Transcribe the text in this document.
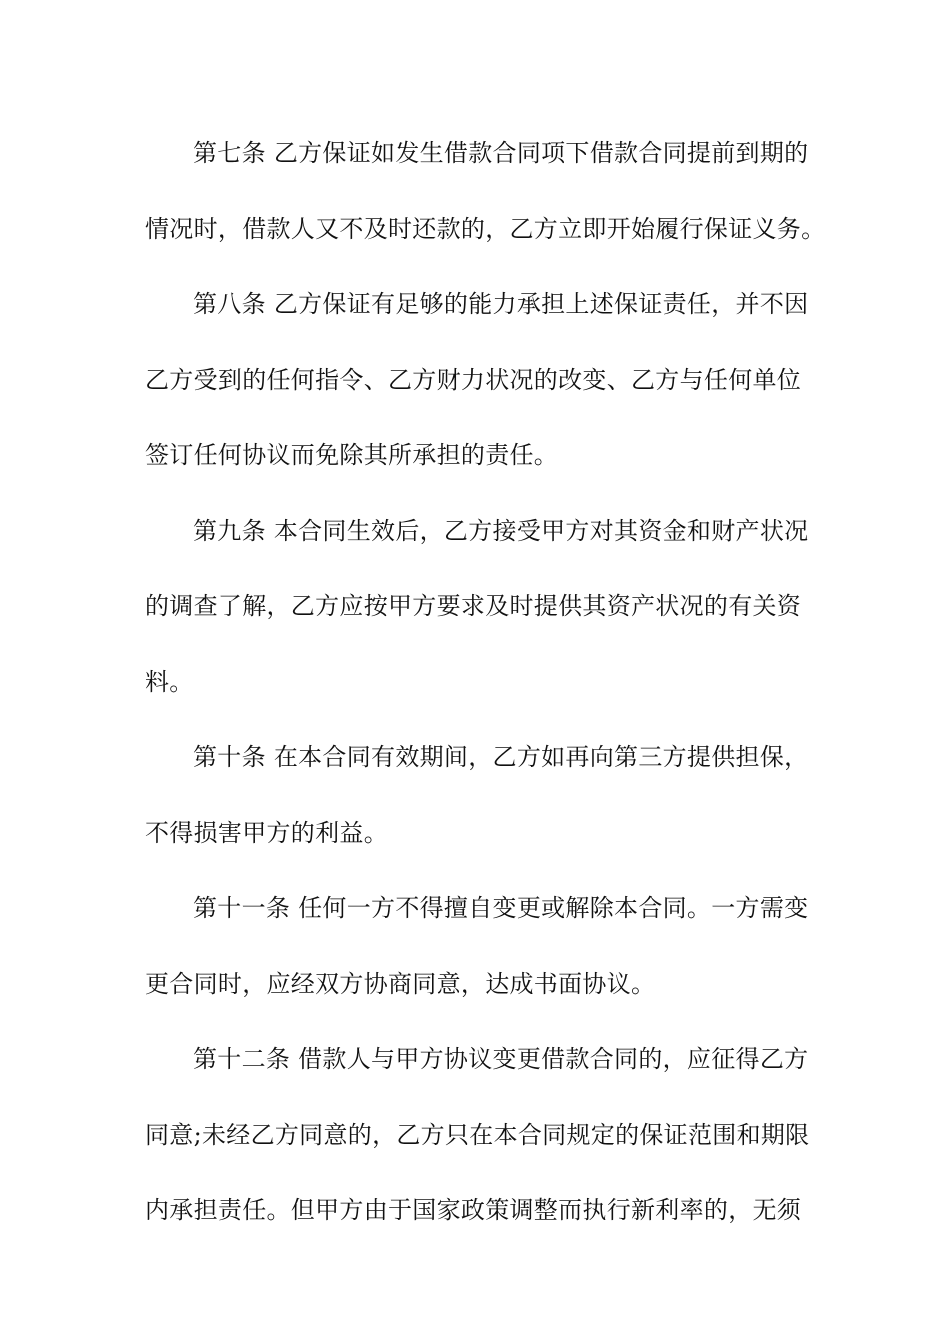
第七条 乙方保证如发生借款合同项下借款合同提前到期的
情况时，借款人又不及时还款的，乙方立即开始履行保证义务。
第八条 乙方保证有足够的能力承担上述保证责任，并不因
乙方受到的任何指令、乙方财力状况的改变、乙方与任何单位
签订任何协议而免除其所承担的责任。
第九条 本合同生效后，乙方接受甲方对其资金和财产状况
的调查了解，乙方应按甲方要求及时提供其资产状况的有关资
料。
第十条 在本合同有效期间，乙方如再向第三方提供担保，
不得损害甲方的利益。
第十一条 任何一方不得擅自变更或解除本合同。一方需变
更合同时，应经双方协商同意，达成书面协议。
第十二条 借款人与甲方协议变更借款合同的，应征得乙方
同意;未经乙方同意的，乙方只在本合同规定的保证范围和期限
内承担责任。但甲方由于国家政策调整而执行新利率的，无须
